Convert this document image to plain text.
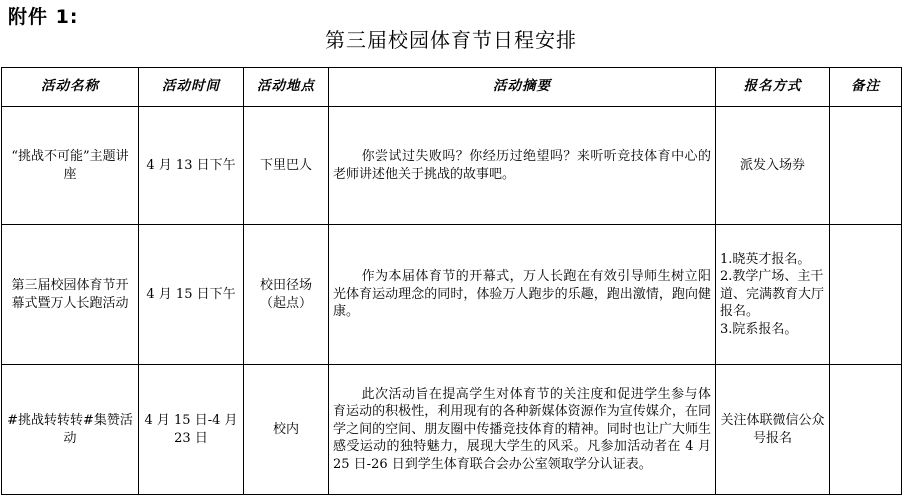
附件 1:
第三届校园体育节日程安排
活动名称	活动时间	活动地点	活动摘要	报名方式	备注
“挑战不可能”主题讲座	4 月 13 日下午	下里巴人	你尝试过失败吗？你经历过绝望吗？来听听竞技体育中心的老师讲述他关于挑战的故事吧。	派发入场券	
第三届校园体育节开幕式暨万人长跑活动	4 月 15 日下午	校田径场（起点）	作为本届体育节的开幕式，万人长跑在有效引导师生树立阳光体育运动理念的同时，体验万人跑步的乐趣，跑出激情，跑向健康。	1.晓英才报名。
2.教学广场、主干道、完满教育大厅报名。
3.院系报名。	

#挑战转转转#集赞活动	4 月 15 日-4 月 23 日	校内	此次活动旨在提高学生对体育节的关注度和促进学生参与体育运动的积极性，利用现有的各种新媒体资源作为宣传媒介，在同学之间的空间、朋友圈中传播竞技体育的精神。同时也让广大师生感受运动的独特魅力，展现大学生的风采。凡参加活动者在 4 月 25 日-26 日到学生体育联合会办公室领取学分认证表。	关注体联微信公众号报名	
